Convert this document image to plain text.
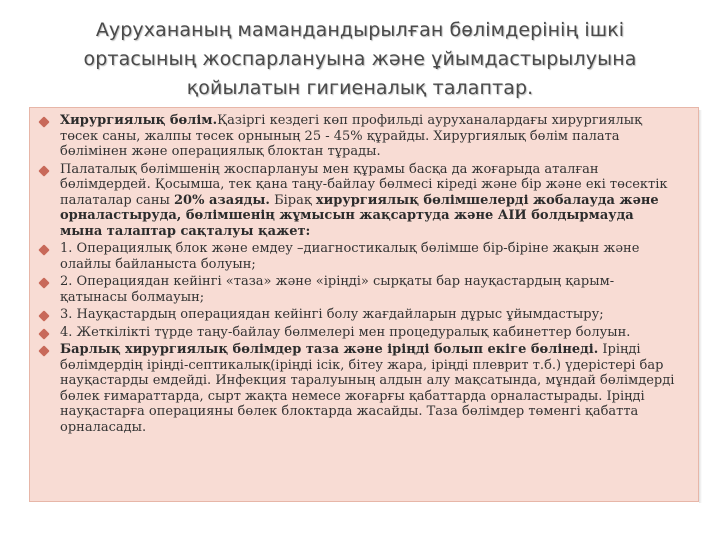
Аурухананың мамандандырылған бөлімдерінің ішкі
ортасының жоспарлануына және ұйымдастырылуына
қойылатын гигиеналық талаптар.
Хирургиялық бөлім.Қазіргі кездегі көп профильді ауруханалардағы хирургиялық төсек саны, жалпы төсек орнының 25 - 45% құрайды. Хирургиялық бөлім палата бөлімінен және операциялық блоктан тұрады.
Палаталық бөлімшенің жоспарлануы мен құрамы басқа да жоғарыда аталған бөлімдердей. Қосымша, тек қана таңу-байлау бөлмесі кіреді және бір және екі төсектік палаталар саны 20% азаяды. Бірақ хирургиялық бөлімшелерді жобалауда және орналастыруда, бөлімшенің жұмысын жақсартуда және АІИ болдырмауда мына талаптар сақталуы қажет:
1. Операциялық блок және емдеу –диагностикалық бөлімше бір-біріне жақын және олайлы байланыста болуын;
2. Операциядан кейінгі «таза» және «іріңді» сырқаты бар науқастардың қарым-қатынасы болмауын;
3. Науқастардың операциядан кейінгі болу жағдайларын дұрыс ұйымдастыру;
4. Жеткілікті түрде таңу-байлау бөлмелері мен процедуралық кабинеттер болуын.
Барлық хирургиялық бөлімдер таза және іріңді болып екіге бөлінеді. Іріңді бөлімдердің іріңді-септикалық(іріңді ісік, бітеу жара, іріңді плеврит т.б.) үдерістері бар науқастарды емдейді. Инфекция таралуының алдын алу мақсатында, мұндай бөлімдерді бөлек ғимараттарда, сырт жақта немесе жоғарғы қабаттарда орналастырады. Іріңді науқастарға операцияны бөлек блоктарда жасайды. Таза бөлімдер төменгі қабатта орналасады.
